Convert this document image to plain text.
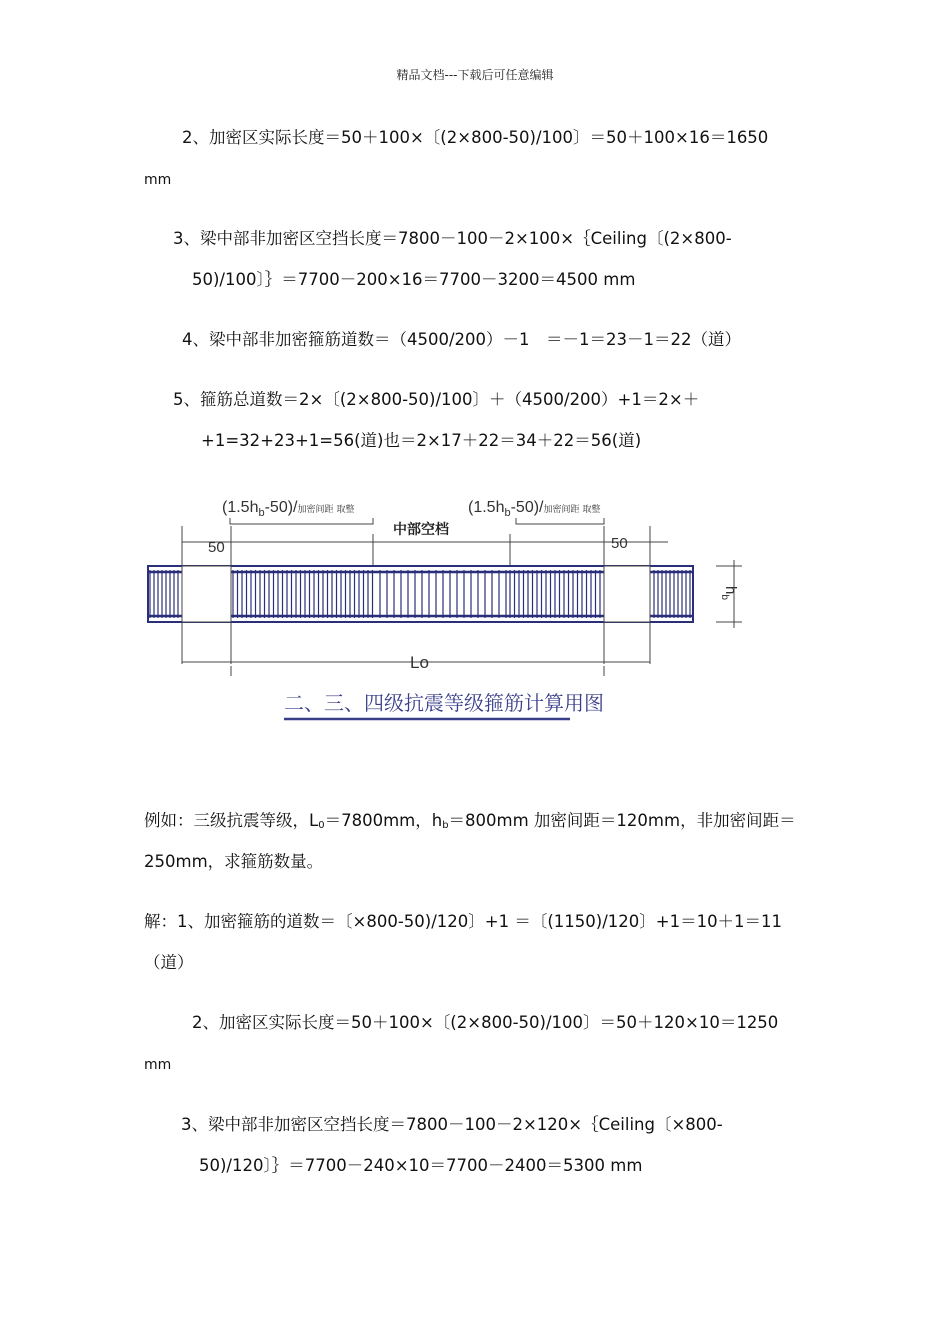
精品文档---下载后可任意编辑
2、加密区实际长度＝50＋100×〔(2×800-50)/100〕＝50＋100×16＝1650
mm
3、梁中部非加密区空挡长度＝7800－100－2×100×｛Ceiling〔(2×800-
50)/100〕｝＝7700－200×16＝7700－3200＝4500 mm
4、梁中部非加密箍筋道数＝（4500/200）－1　＝－1＝23－1＝22（道）
5、箍筋总道数＝2×〔(2×800-50)/100〕＋（4500/200）+1＝2×＋
+1=32+23+1=56(道)也＝2×17＋22＝34＋22＝56(道)
$(1.5h_b-50)/$加密间距 取整	$(1.5h_b-50)/$加密间距 取整
中部空档
50	50
$h_b$
Lo
二、三、四级抗震等级箍筋计算用图
例如：三级抗震等级，$L_0=7800mm$，$h_b=800mm$ 加密间距＝120mm，非加密间距＝
250mm，求箍筋数量。
解：1、加密箍筋的道数＝〔×800-50)/120〕+1 ＝〔(1150)/120〕+1＝10＋1＝11
（道）
2、加密区实际长度＝50＋100×〔(2×800-50)/100〕＝50＋120×10＝1250
mm
3、梁中部非加密区空挡长度＝7800－100－2×120×｛Ceiling〔×800-
50)/120〕｝＝7700－240×10＝7700－2400＝5300 mm
